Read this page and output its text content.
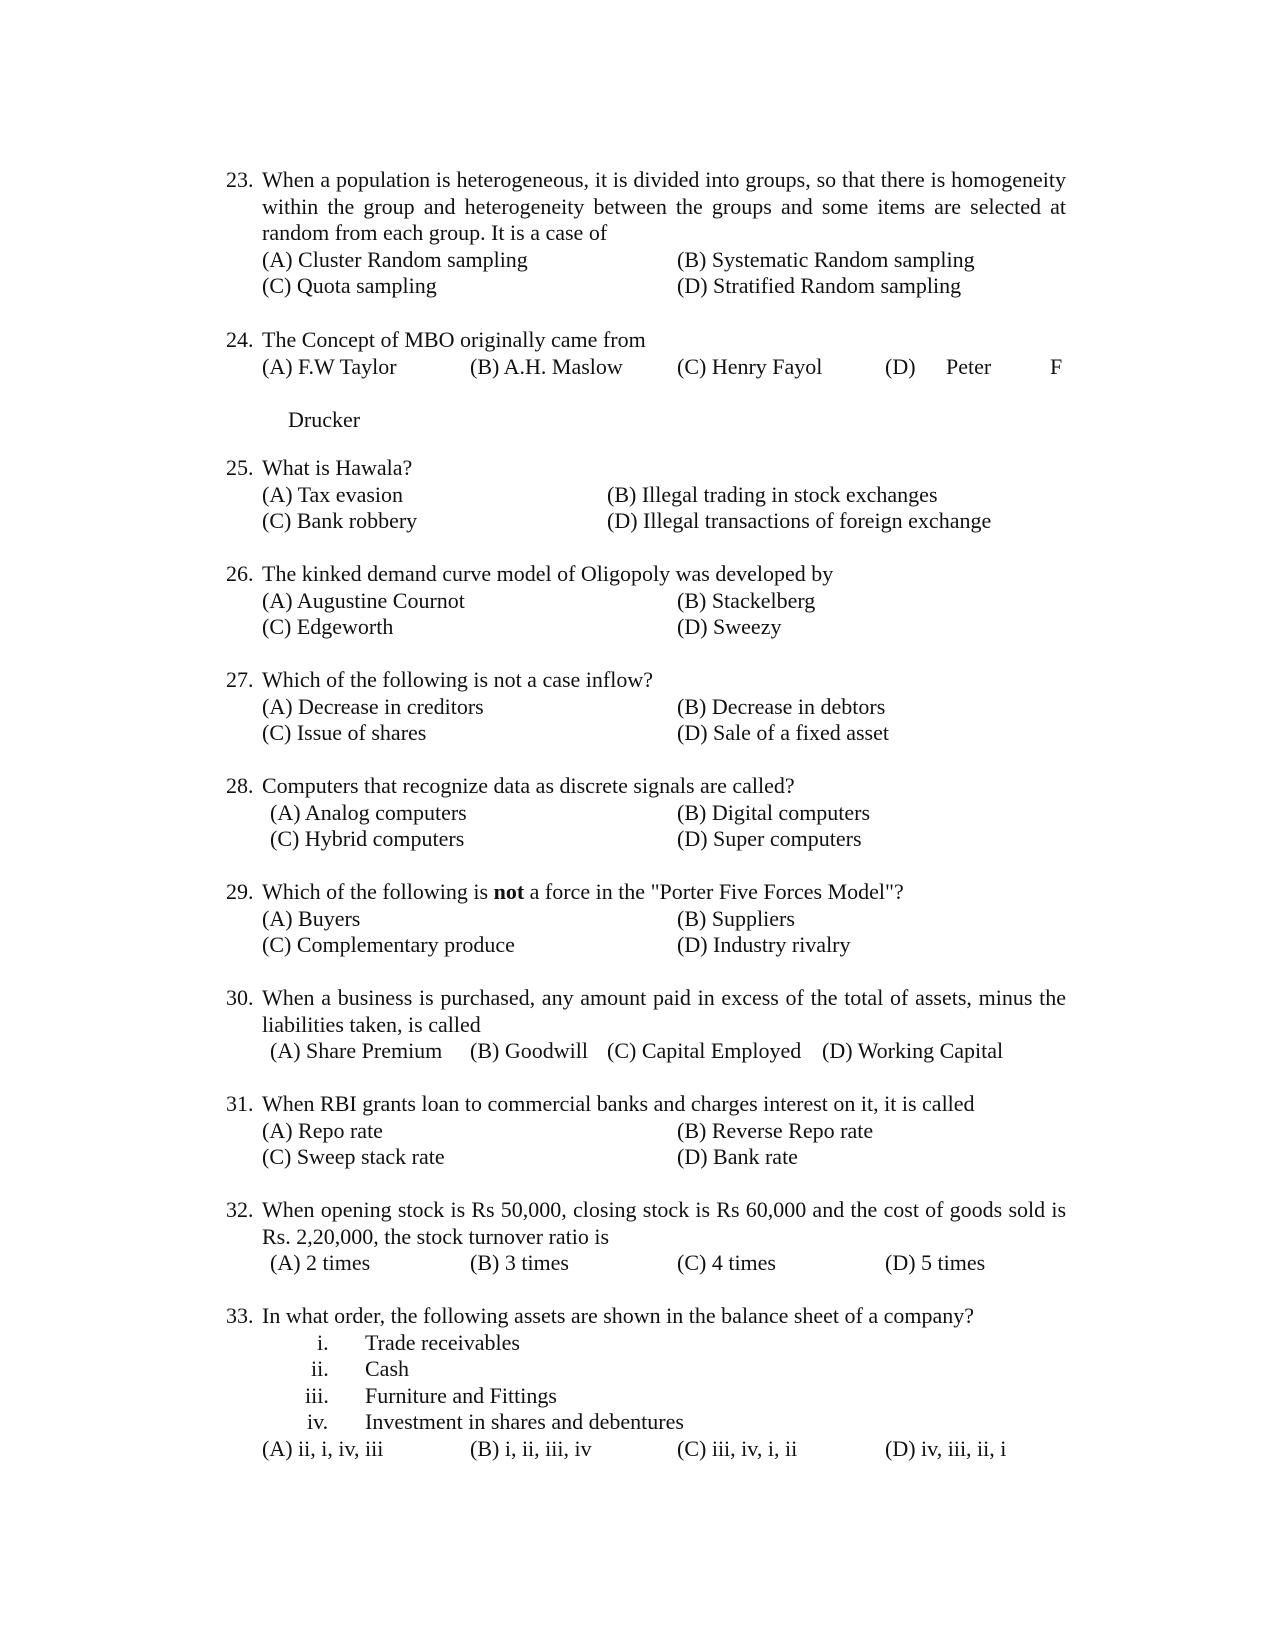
23. When a population is heterogeneous, it is divided into groups, so that there is homogeneity within the group and heterogeneity between the groups and some items are selected at random from each group. It is a case of
(A) Cluster Random sampling	(B) Systematic Random sampling
(C) Quota sampling	(D) Stratified Random sampling
24. The Concept of MBO originally came from
(A) F.W Taylor	(B) A.H. Maslow (C) Henry Fayol	(D) Peter	F
Drucker
25. What is Hawala?
(A) Tax evasion	(B) Illegal trading in stock exchanges
(C) Bank robbery	(D) Illegal transactions of foreign exchange
26. The kinked demand curve model of Oligopoly was developed by
(A) Augustine Cournot	(B) Stackelberg
(C) Edgeworth	(D) Sweezy
27. Which of the following is not a case inflow?
(A) Decrease in creditors	(B) Decrease in debtors
(C) Issue of shares	(D) Sale of a fixed asset
28. Computers that recognize data as discrete signals are called?
(A) Analog computers	(B) Digital computers
(C) Hybrid computers	(D) Super computers
29. Which of the following is not a force in the "Porter Five Forces Model"?
(A) Buyers	(B) Suppliers
(C) Complementary produce	(D) Industry rivalry
30. When a business is purchased, any amount paid in excess of the total of assets, minus the liabilities taken, is called
(A) Share Premium (B) Goodwill (C) Capital Employed (D) Working Capital
31. When RBI grants loan to commercial banks and charges interest on it, it is called
(A) Repo rate	(B) Reverse Repo rate
(C) Sweep stack rate	(D) Bank rate
32. When opening stock is Rs 50,000, closing stock is Rs 60,000 and the cost of goods sold is Rs. 2,20,000, the stock turnover ratio is
(A) 2 times	(B) 3 times	(C) 4 times	(D) 5 times
33. In what order, the following assets are shown in the balance sheet of a company?
i. Trade receivables
ii. Cash
iii. Furniture and Fittings
iv. Investment in shares and debentures
(A) ii, i, iv, iii	(B) i, ii, iii, iv	(C) iii, iv, i, ii	(D) iv, iii, ii, i
